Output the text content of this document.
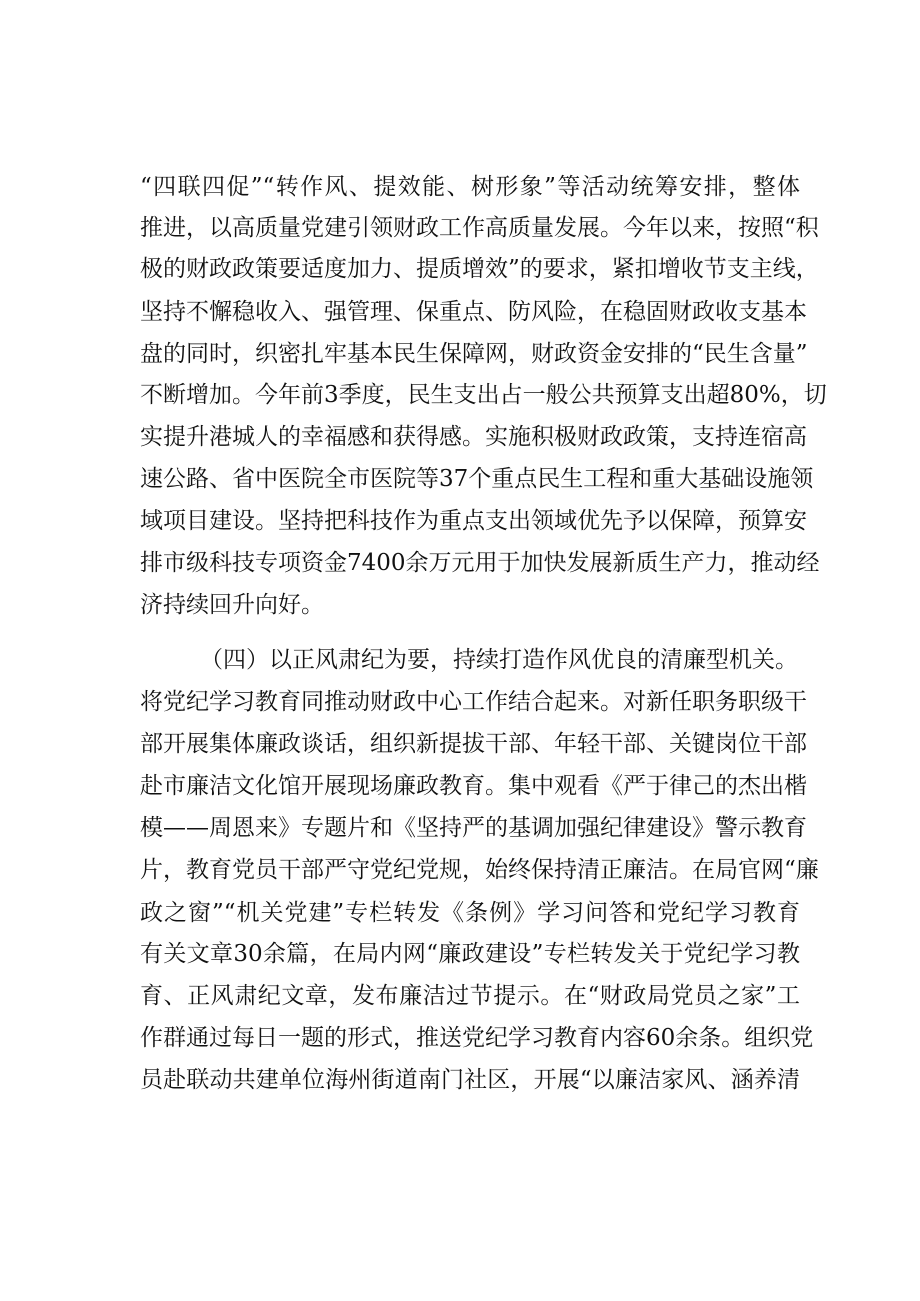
“四联四促”“转作风、提效能、树形象”等活动统筹安排，整体
推进，以高质量党建引领财政工作高质量发展。今年以来，按照“积
极的财政政策要适度加力、提质增效”的要求，紧扣增收节支主线，
坚持不懈稳收入、强管理、保重点、防风险，在稳固财政收支基本
盘的同时，织密扎牢基本民生保障网，财政资金安排的“民生含量”
不断增加。今年前3季度，民生支出占一般公共预算支出超80%，切
实提升港城人的幸福感和获得感。实施积极财政政策，支持连宿高
速公路、省中医院全市医院等37个重点民生工程和重大基础设施领
域项目建设。坚持把科技作为重点支出领域优先予以保障，预算安
排市级科技专项资金7400余万元用于加快发展新质生产力，推动经
济持续回升向好。
（四）以正风肃纪为要，持续打造作风优良的清廉型机关。
将党纪学习教育同推动财政中心工作结合起来。对新任职务职级干
部开展集体廉政谈话，组织新提拔干部、年轻干部、关键岗位干部
赴市廉洁文化馆开展现场廉政教育。集中观看《严于律己的杰出楷
模——周恩来》专题片和《坚持严的基调加强纪律建设》警示教育
片，教育党员干部严守党纪党规，始终保持清正廉洁。在局官网“廉
政之窗”“机关党建”专栏转发《条例》学习问答和党纪学习教育
有关文章30余篇，在局内网“廉政建设”专栏转发关于党纪学习教
育、正风肃纪文章，发布廉洁过节提示。在“财政局党员之家”工
作群通过每日一题的形式，推送党纪学习教育内容60余条。组织党
员赴联动共建单位海州街道南门社区，开展“以廉洁家风、涵养清
